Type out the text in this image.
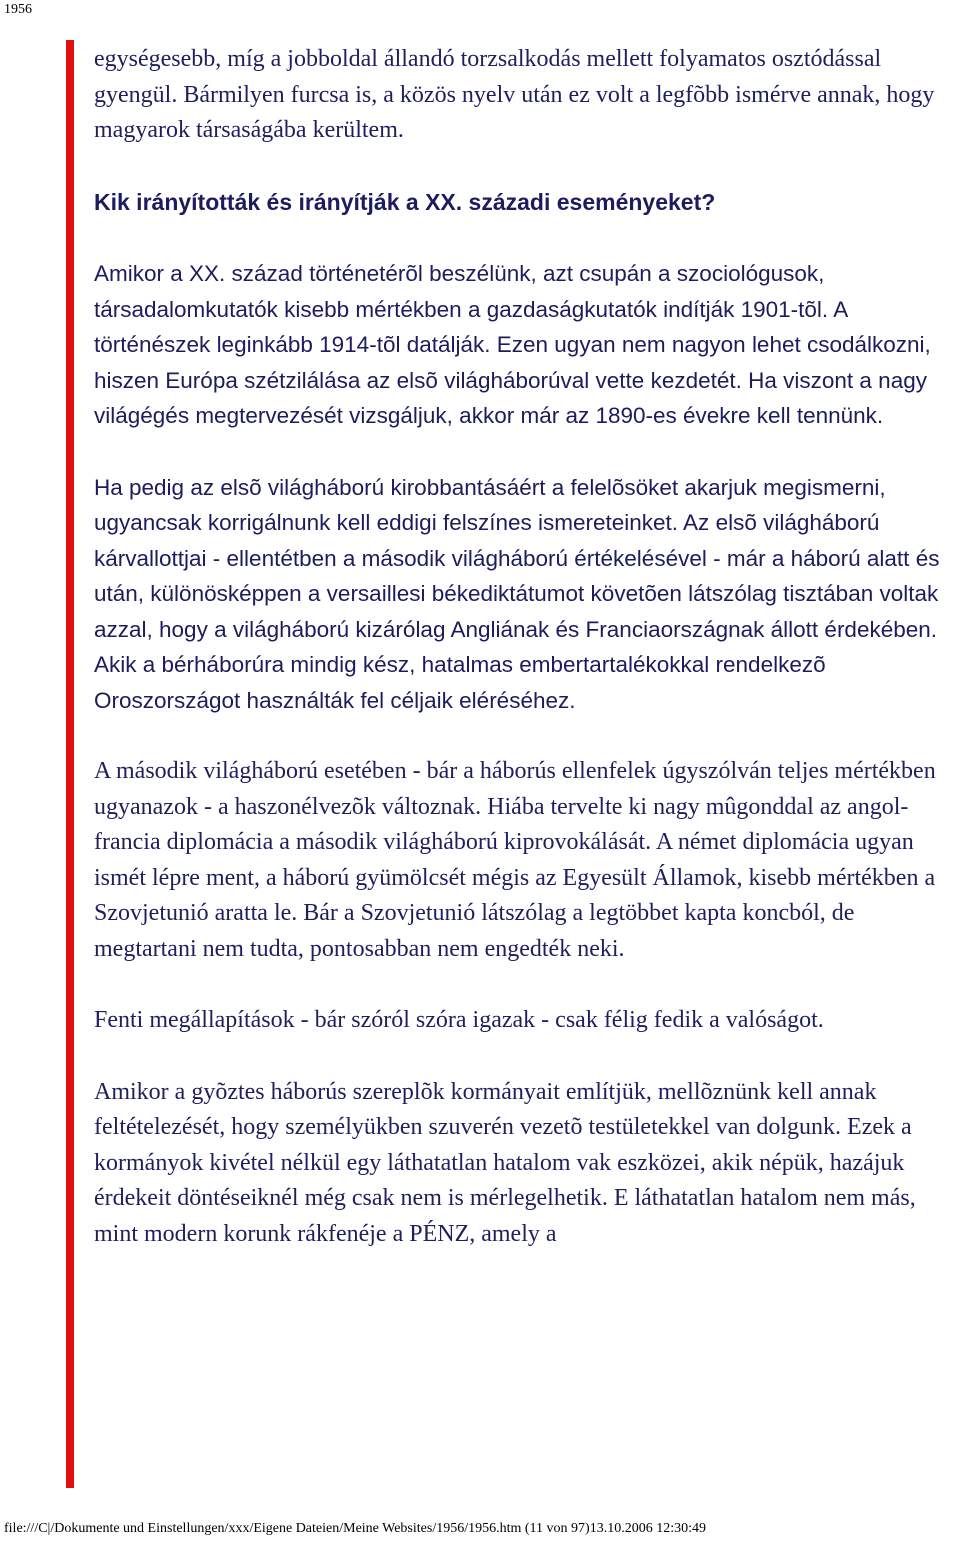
1956

egységesebb, míg a jobboldal állandó torzsalkodás mellett folyamatos osztódással gyengül. Bármilyen furcsa is, a közös nyelv után ez volt a legfõbb ismérve annak, hogy magyarok társaságába kerültem.

Kik irányították és irányítják a XX. századi eseményeket?

Amikor a XX. század történetérõl beszélünk, azt csupán a szociológusok, társadalomkutatók kisebb mértékben a gazdaságkutatók indítják 1901-tõl. A történészek leginkább 1914-tõl datálják. Ezen ugyan nem nagyon lehet csodálkozni, hiszen Európa szétzilálása az elsõ világháborúval vette kezdetét. Ha viszont a nagy világégés megtervezését vizsgáljuk, akkor már az 1890-es évekre kell tennünk.

Ha pedig az elsõ világháború kirobbantásáért a felelõsöket akarjuk megismerni, ugyancsak korrigálnunk kell eddigi felszínes ismereteinket. Az elsõ világháború kárvallottjai - ellentétben a második világháború értékelésével - már a háború alatt és után, különösképpen a versaillesi békediktátumot követõen látszólag tisztában voltak azzal, hogy a világháború kizárólag Angliának és Franciaországnak állott érdekében. Akik a bérháborúra mindig kész, hatalmas embertartalékokkal rendelkezõ Oroszországot használták fel céljaik eléréséhez.

A második világháború esetében - bár a háborús ellenfelek úgyszólván teljes mértékben ugyanazok - a haszonélvezõk változnak. Hiába tervelte ki nagy mûgonddal az angol-francia diplomácia a második világháború kiprovokálását. A német diplomácia ugyan ismét lépre ment, a háború gyümölcsét mégis az Egyesült Államok, kisebb mértékben a Szovjetunió aratta le. Bár a Szovjetunió látszólag a legtöbbet kapta koncból, de megtartani nem tudta, pontosabban nem engedték neki.

Fenti megállapítások - bár szóról szóra igazak - csak félig fedik a valóságot.

Amikor a gyõztes háborús szereplõk kormányait említjük, mellõznünk kell annak feltételezését, hogy személyükben szuverén vezetõ testületekkel van dolgunk. Ezek a kormányok kivétel nélkül egy láthatatlan hatalom vak eszközei, akik népük, hazájuk érdekeit döntéseiknél még csak nem is mérlegelhetik. E láthatatlan hatalom nem más, mint modern korunk rákfenéje a PÉNZ, amely a

file:///C|/Dokumente und Einstellungen/xxx/Eigene Dateien/Meine Websites/1956/1956.htm (11 von 97)13.10.2006 12:30:49
